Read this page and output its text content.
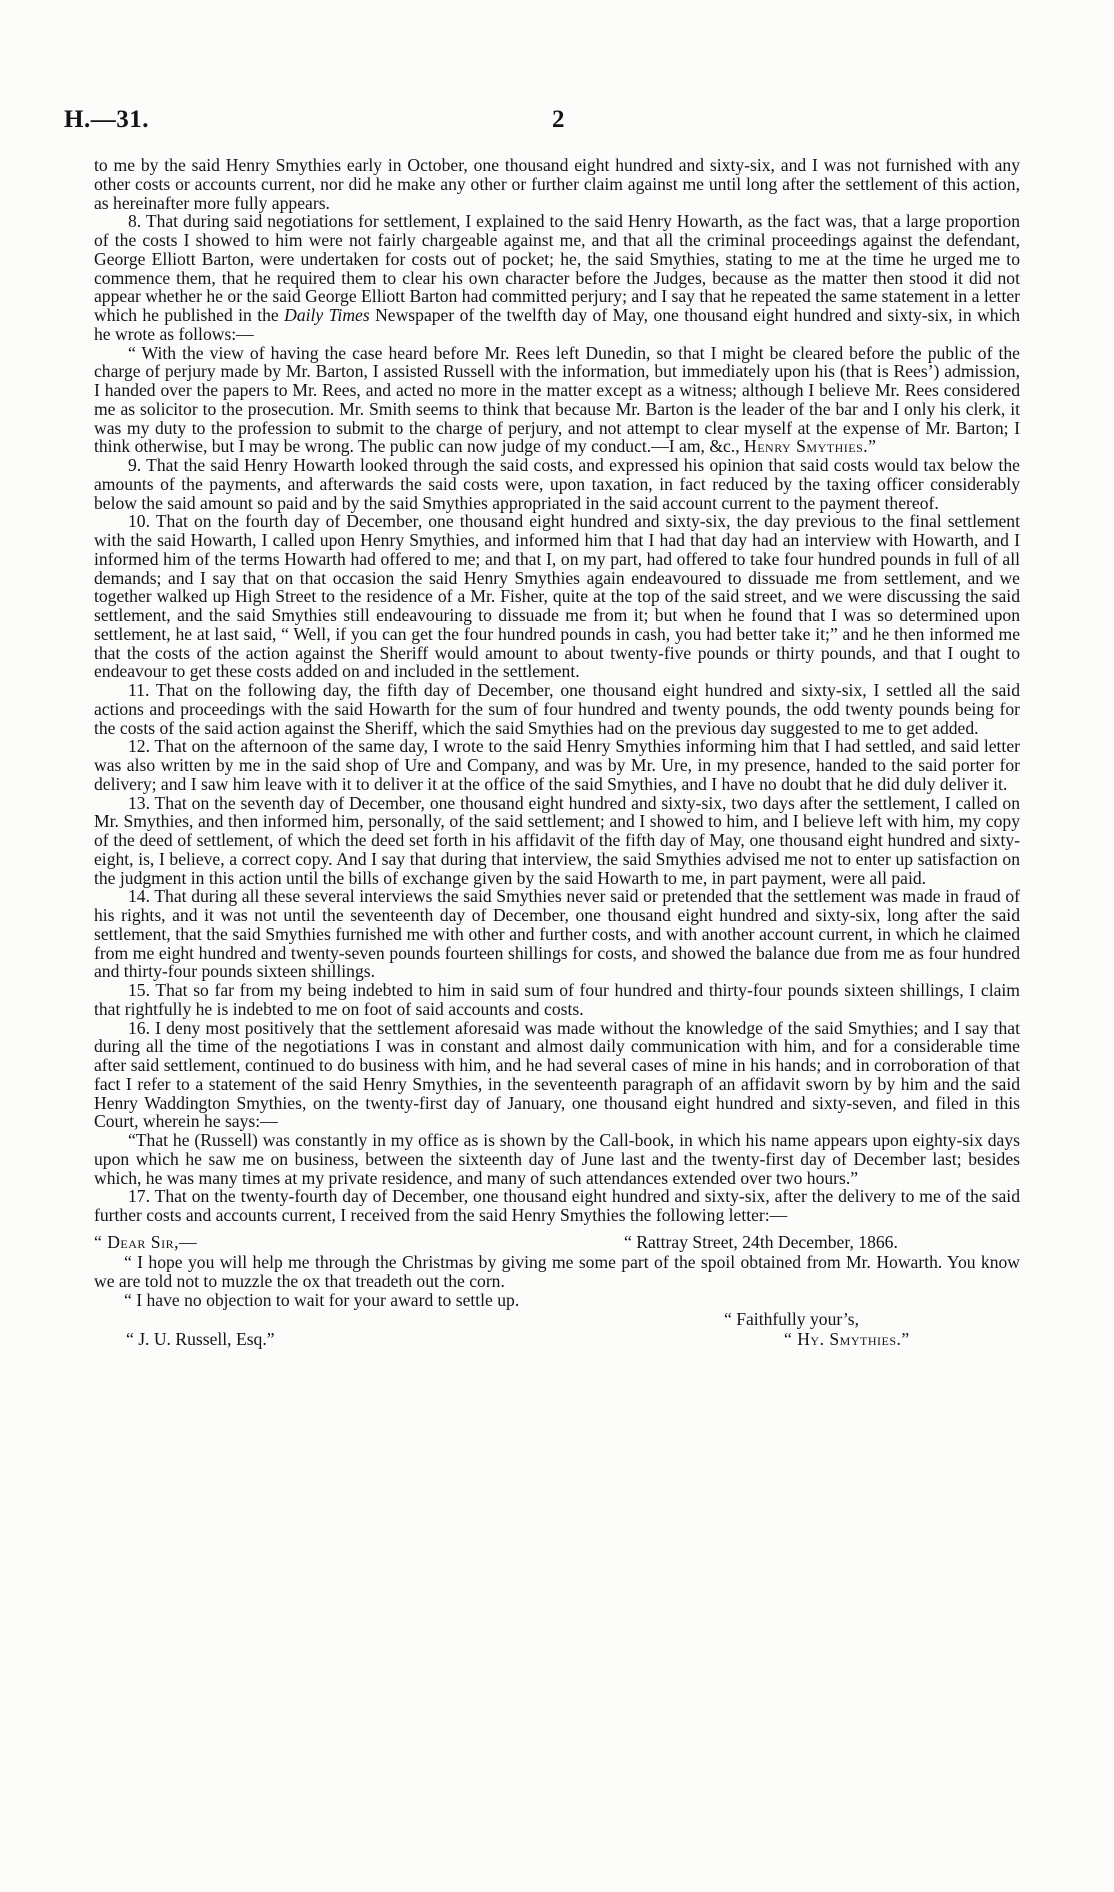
H.—31.	2

to me by the said Henry Smythies early in October, one thousand eight hundred and sixty-six, and I was not furnished with any other costs or accounts current, nor did he make any other or further claim against me until long after the settlement of this action, as hereinafter more fully appears.

8. That during said negotiations for settlement, I explained to the said Henry Howarth, as the fact was, that a large proportion of the costs I showed to him were not fairly chargeable against me, and that all the criminal proceedings against the defendant, George Elliott Barton, were undertaken for costs out of pocket; he, the said Smythies, stating to me at the time he urged me to commence them, that he required them to clear his own character before the Judges, because as the matter then stood it did not appear whether he or the said George Elliott Barton had committed perjury; and I say that he repeated the same statement in a letter which he published in the Daily Times Newspaper of the twelfth day of May, one thousand eight hundred and sixty-six, in which he wrote as follows:—

“ With the view of having the case heard before Mr. Rees left Dunedin, so that I might be cleared before the public of the charge of perjury made by Mr. Barton, I assisted Russell with the information, but immediately upon his (that is Rees’) admission, I handed over the papers to Mr. Rees, and acted no more in the matter except as a witness; although I believe Mr. Rees considered me as solicitor to the prosecution. Mr. Smith seems to think that because Mr. Barton is the leader of the bar and I only his clerk, it was my duty to the profession to submit to the charge of perjury, and not attempt to clear myself at the expense of Mr. Barton; I think otherwise, but I may be wrong. The public can now judge of my conduct.—I am, &c., Henry Smythies.”

9. That the said Henry Howarth looked through the said costs, and expressed his opinion that said costs would tax below the amounts of the payments, and afterwards the said costs were, upon taxation, in fact reduced by the taxing officer considerably below the said amount so paid and by the said Smythies appropriated in the said account current to the payment thereof.

10. That on the fourth day of December, one thousand eight hundred and sixty-six, the day previous to the final settlement with the said Howarth, I called upon Henry Smythies, and informed him that I had that day had an interview with Howarth, and I informed him of the terms Howarth had offered to me; and that I, on my part, had offered to take four hundred pounds in full of all demands; and I say that on that occasion the said Henry Smythies again endeavoured to dissuade me from settlement, and we together walked up High Street to the residence of a Mr. Fisher, quite at the top of the said street, and we were discussing the said settlement, and the said Smythies still endeavouring to dissuade me from it; but when he found that I was so determined upon settlement, he at last said, “ Well, if you can get the four hundred pounds in cash, you had better take it;” and he then informed me that the costs of the action against the Sheriff would amount to about twenty-five pounds or thirty pounds, and that I ought to endeavour to get these costs added on and included in the settlement.

11. That on the following day, the fifth day of December, one thousand eight hundred and sixty-six, I settled all the said actions and proceedings with the said Howarth for the sum of four hundred and twenty pounds, the odd twenty pounds being for the costs of the said action against the Sheriff, which the said Smythies had on the previous day suggested to me to get added.

12. That on the afternoon of the same day, I wrote to the said Henry Smythies informing him that I had settled, and said letter was also written by me in the said shop of Ure and Company, and was by Mr. Ure, in my presence, handed to the said porter for delivery; and I saw him leave with it to deliver it at the office of the said Smythies, and I have no doubt that he did duly deliver it.

13. That on the seventh day of December, one thousand eight hundred and sixty-six, two days after the settlement, I called on Mr. Smythies, and then informed him, personally, of the said settlement; and I showed to him, and I believe left with him, my copy of the deed of settlement, of which the deed set forth in his affidavit of the fifth day of May, one thousand eight hundred and sixty-eight, is, I believe, a correct copy. And I say that during that interview, the said Smythies advised me not to enter up satisfaction on the judgment in this action until the bills of exchange given by the said Howarth to me, in part payment, were all paid.

14. That during all these several interviews the said Smythies never said or pretended that the settlement was made in fraud of his rights, and it was not until the seventeenth day of December, one thousand eight hundred and sixty-six, long after the said settlement, that the said Smythies furnished me with other and further costs, and with another account current, in which he claimed from me eight hundred and twenty-seven pounds fourteen shillings for costs, and showed the balance due from me as four hundred and thirty-four pounds sixteen shillings.

15. That so far from my being indebted to him in said sum of four hundred and thirty-four pounds sixteen shillings, I claim that rightfully he is indebted to me on foot of said accounts and costs.

16. I deny most positively that the settlement aforesaid was made without the knowledge of the said Smythies; and I say that during all the time of the negotiations I was in constant and almost daily communication with him, and for a considerable time after said settlement, continued to do business with him, and he had several cases of mine in his hands; and in corroboration of that fact I refer to a statement of the said Henry Smythies, in the seventeenth paragraph of an affidavit sworn by by him and the said Henry Waddington Smythies, on the twenty-first day of January, one thousand eight hundred and sixty-seven, and filed in this Court, wherein he says:—

“That he (Russell) was constantly in my office as is shown by the Call-book, in which his name appears upon eighty-six days upon which he saw me on business, between the sixteenth day of June last and the twenty-first day of December last; besides which, he was many times at my private residence, and many of such attendances extended over two hours.”

17. That on the twenty-fourth day of December, one thousand eight hundred and sixty-six, after the delivery to me of the said further costs and accounts current, I received from the said Henry Smythies the following letter:—

“ Dear Sir,—	“ Rattray Street, 24th December, 1866.

“ I hope you will help me through the Christmas by giving me some part of the spoil obtained from Mr. Howarth. You know we are told not to muzzle the ox that treadeth out the corn.

“ I have no objection to wait for your award to settle up.

“ Faithfully your’s,
“ J. U. Russell, Esq.”	“ Hy. Smythies.”
